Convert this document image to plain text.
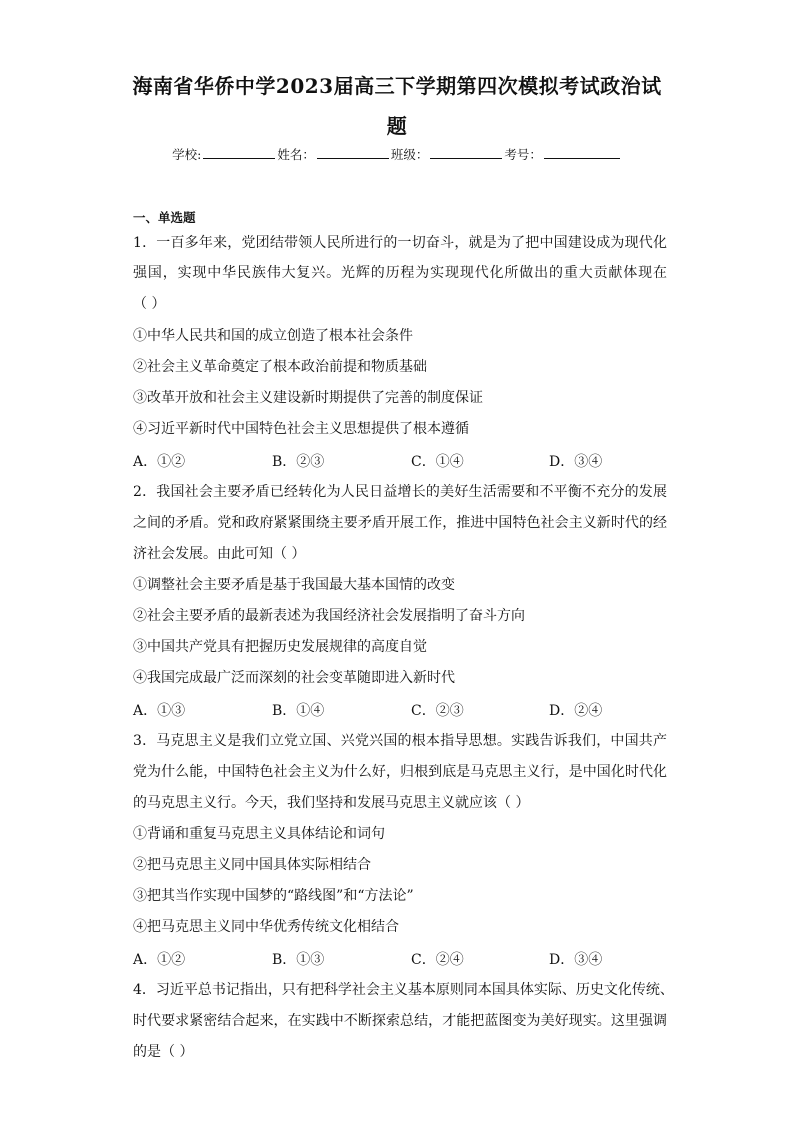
海南省华侨中学2023届高三下学期第四次模拟考试政治试
题
学校:	姓名：	班级：	考号：
一、单选题
1．一百多年来，党团结带领人民所进行的一切奋斗，就是为了把中国建设成为现代化
强国，实现中华民族伟大复兴。光辉的历程为实现现代化所做出的重大贡献体现在
（ ）
①中华人民共和国的成立创造了根本社会条件
②社会主义革命奠定了根本政治前提和物质基础
③改革开放和社会主义建设新时期提供了完善的制度保证
④习近平新时代中国特色社会主义思想提供了根本遵循
A．①②	B．②③	C．①④	D．③④
2．我国社会主要矛盾已经转化为人民日益增长的美好生活需要和不平衡不充分的发展
之间的矛盾。党和政府紧紧围绕主要矛盾开展工作，推进中国特色社会主义新时代的经
济社会发展。由此可知（ ）
①调整社会主要矛盾是基于我国最大基本国情的改变
②社会主要矛盾的最新表述为我国经济社会发展指明了奋斗方向
③中国共产党具有把握历史发展规律的高度自觉
④我国完成最广泛而深刻的社会变革随即进入新时代
A．①③	B．①④	C．②③	D．②④
3．马克思主义是我们立党立国、兴党兴国的根本指导思想。实践告诉我们，中国共产
党为什么能，中国特色社会主义为什么好，归根到底是马克思主义行，是中国化时代化
的马克思主义行。今天，我们坚持和发展马克思主义就应该（ ）
①背诵和重复马克思主义具体结论和词句
②把马克思主义同中国具体实际相结合
③把其当作实现中国梦的“路线图”和“方法论”
④把马克思主义同中华优秀传统文化相结合
A．①②	B．①③	C．②④	D．③④
4．习近平总书记指出，只有把科学社会主义基本原则同本国具体实际、历史文化传统、
时代要求紧密结合起来，在实践中不断探索总结，才能把蓝图变为美好现实。这里强调
的是（ ）
